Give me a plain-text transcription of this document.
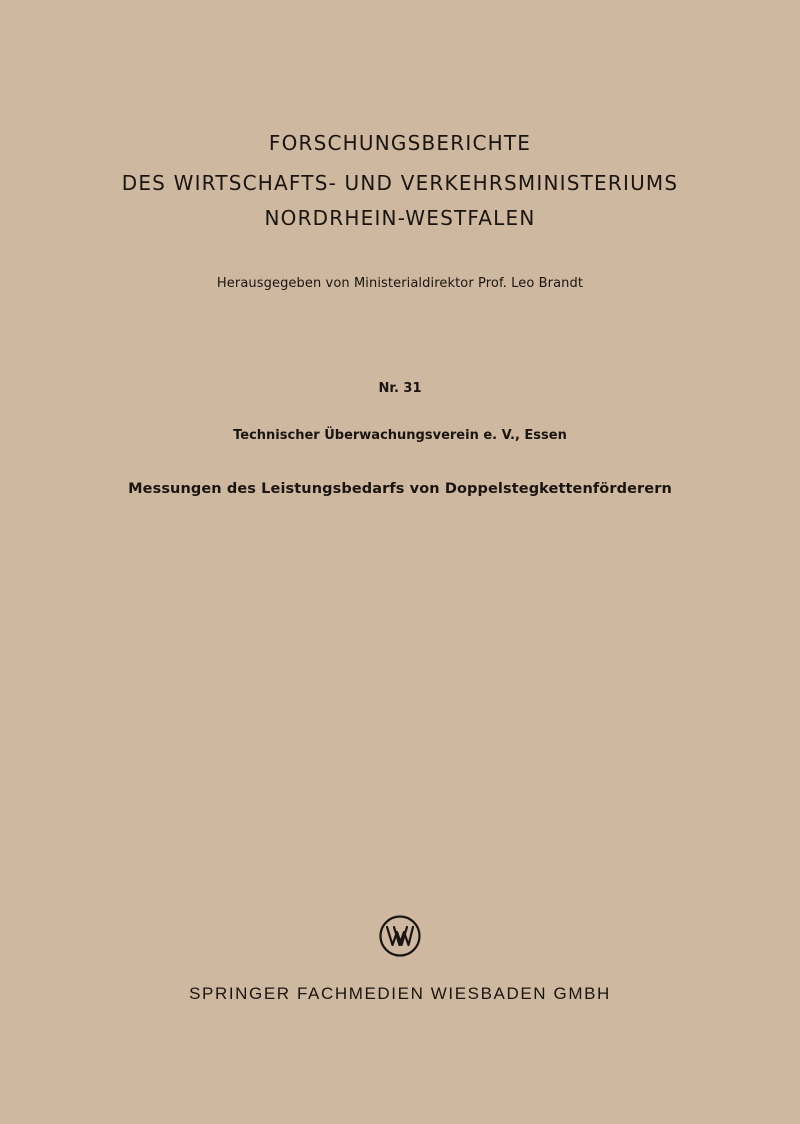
FORSCHUNGSBERICHTE
DES WIRTSCHAFTS- UND VERKEHRSMINISTERIUMS
NORDRHEIN-WESTFALEN
Herausgegeben von Ministerialdirektor Prof. Leo Brandt
Nr. 31
Technischer Überwachungsverein e. V., Essen
Messungen des Leistungsbedarfs von Doppelstegkettenförderern
SPRINGER FACHMEDIEN WIESBADEN GMBH
